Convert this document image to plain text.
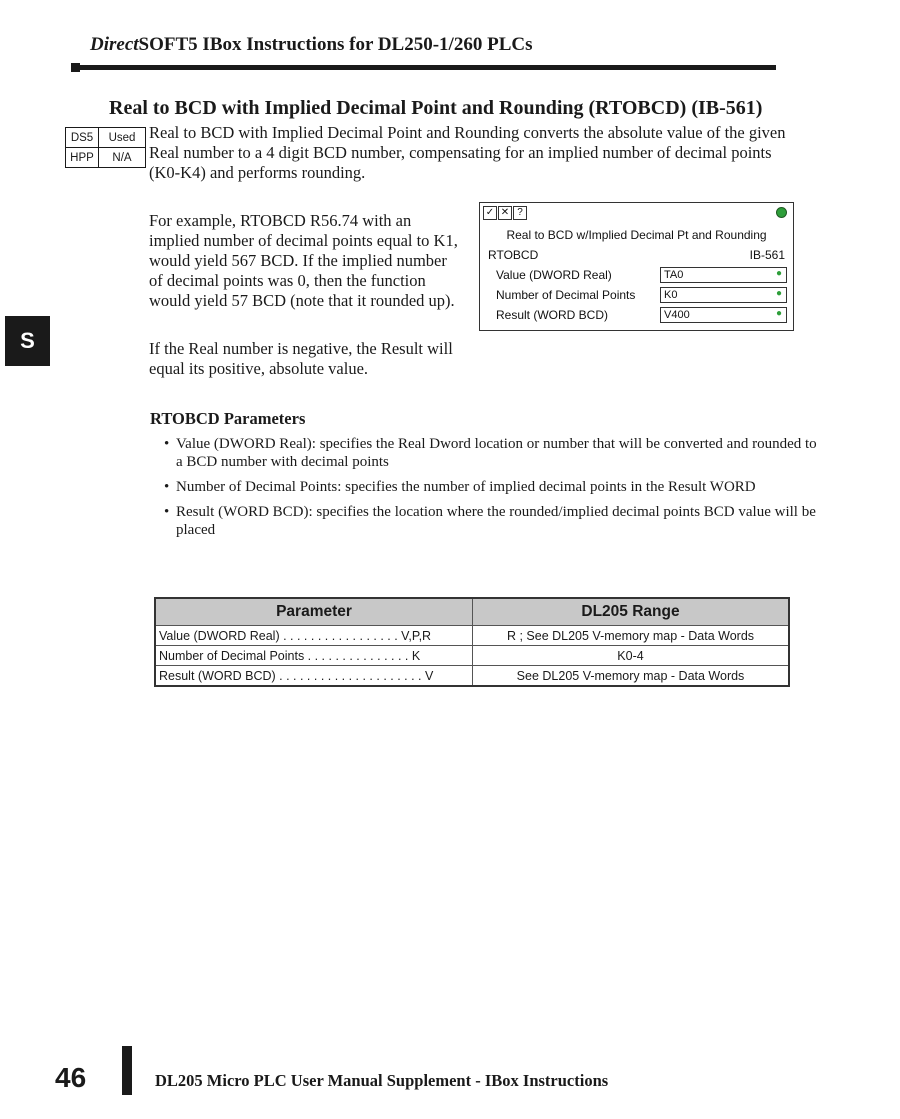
DirectSOFT5 IBox Instructions for DL250-1/260 PLCs
Real to BCD with Implied Decimal Point and Rounding (RTOBCD) (IB-561)
DS5	Used
HPP	N/A
Real to BCD with Implied Decimal Point and Rounding converts the absolute value of the given Real number to a 4 digit BCD number, compensating for an implied number of decimal points (K0-K4) and performs rounding.
For example, RTOBCD R56.74 with an implied number of decimal points equal to K1, would yield 567 BCD. If the implied number of decimal points was 0, then the function would yield 57 BCD (note that it rounded up).
If the Real number is negative, the Result will equal its positive, absolute value.
✓ ✕ ?
Real to BCD w/Implied Decimal Pt and Rounding
RTOBCD	IB-561
Value (DWORD Real)	TA0	●
Number of Decimal Points	K0	●
Result (WORD BCD)	V400	●
S
RTOBCD Parameters
• Value (DWORD Real): specifies the Real Dword location or number that will be converted and rounded to a BCD number with decimal points
• Number of Decimal Points: specifies the number of implied decimal points in the Result WORD
• Result (WORD BCD): specifies the location where the rounded/implied decimal points BCD value will be placed
Parameter	DL205 Range
Value (DWORD Real) . . . . . . . . . . . . . . . . . V,P,R	R ; See DL205 V-memory map - Data Words
Number of Decimal Points . . . . . . . . . . . . . . . K	K0-4
Result (WORD BCD) . . . . . . . . . . . . . . . . . . . . . V	See DL205 V-memory map - Data Words
46	DL205 Micro PLC User Manual Supplement - IBox Instructions
